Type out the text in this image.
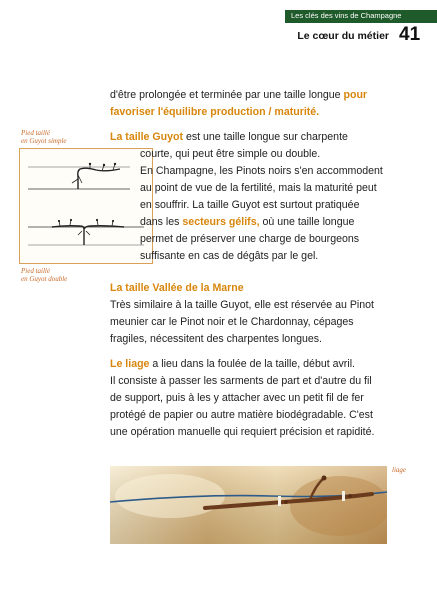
Les clés des vins de Champagne
Le cœur du métier 41
d'être prolongée et terminée par une taille longue pour
favoriser l'équilibre production / maturité.
Pied taillé
en Guyot simple
Pied taillé
en Guyot double
La taille Guyot est une taille longue sur charpente
courte, qui peut être simple ou double.
En Champagne, les Pinots noirs s'en accommodent
au point de vue de la fertilité, mais la maturité peut
en souffrir. La taille Guyot est surtout pratiquée
dans les secteurs gélifs, où une taille longue
permet de préserver une charge de bourgeons
suffisante en cas de dégâts par le gel.
La taille Vallée de la Marne
Très similaire à la taille Guyot, elle est réservée au Pinot
meunier car le Pinot noir et le Chardonnay, cépages
fragiles, nécessitent des charpentes longues.
Le liage a lieu dans la foulée de la taille, début avril.
Il consiste à passer les sarments de part et d'autre du fil
de support, puis à les y attacher avec un petit fil de fer
protégé de papier ou autre matière biodégradable. C'est
une opération manuelle qui requiert précision et rapidité.
liage
